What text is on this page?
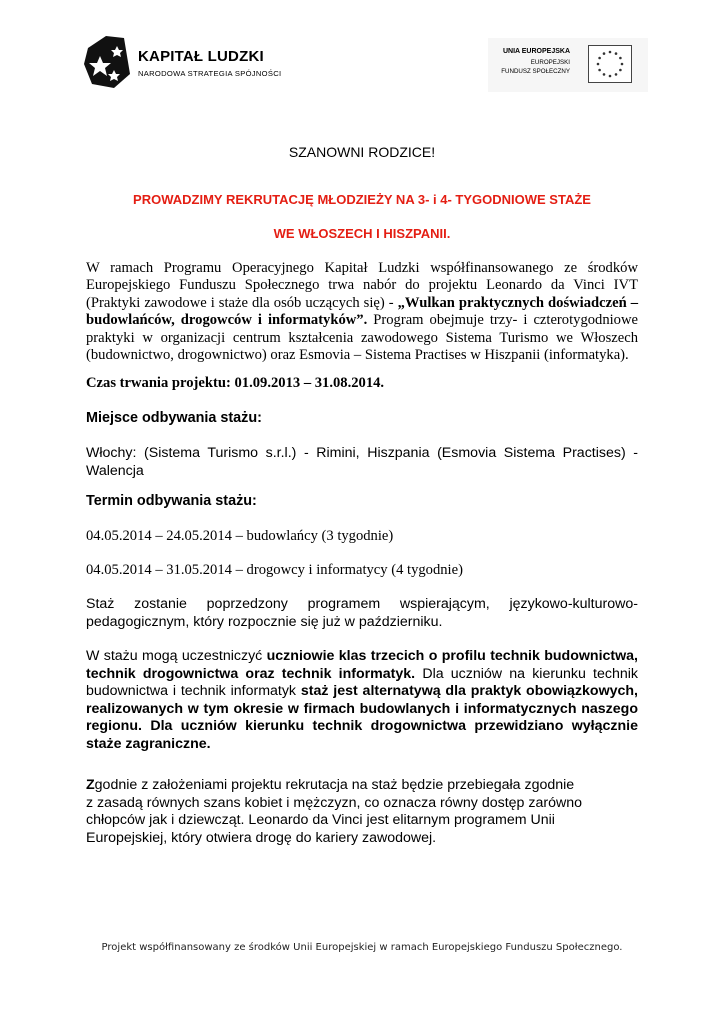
KAPITAŁ LUDZKI
NARODOWA STRATEGIA SPÓJNOŚCI
UNIA EUROPEJSKA
EUROPEJSKI
FUNDUSZ SPOŁECZNY
SZANOWNI RODZICE!
PROWADZIMY REKRUTACJĘ MŁODZIEŻY NA 3- i 4- TYGODNIOWE STAŻE
WE WŁOSZECH I HISZPANII.
W ramach Programu Operacyjnego Kapitał Ludzki współfinansowanego ze środków Europejskiego Funduszu Społecznego trwa nabór do projektu Leonardo da Vinci IVT (Praktyki zawodowe i staże dla osób uczących się) - „Wulkan praktycznych doświadczeń – budowlańców, drogowców i informatyków”. Program obejmuje trzy- i czterotygodniowe praktyki w organizacji centrum kształcenia zawodowego Sistema Turismo we Włoszech (budownictwo, drogownictwo) oraz Esmovia – Sistema Practises w Hiszpanii (informatyka).
Czas trwania projektu: 01.09.2013 – 31.08.2014.
Miejsce odbywania stażu:
Włochy: (Sistema Turismo s.r.l.) - Rimini, Hiszpania (Esmovia Sistema Practises) - Walencja
Termin odbywania stażu:
04.05.2014 – 24.05.2014 – budowlańcy (3 tygodnie)
04.05.2014 – 31.05.2014 – drogowcy i informatycy (4 tygodnie)
Staż zostanie poprzedzony programem wspierającym, językowo-kulturowo-pedagogicznym, który rozpocznie się już w październiku.
W stażu mogą uczestniczyć uczniowie klas trzecich o profilu technik budownictwa, technik drogownictwa oraz technik informatyk. Dla uczniów na kierunku technik budownictwa i technik informatyk staż jest alternatywą dla praktyk obowiązkowych, realizowanych w tym okresie w firmach budowlanych i informatycznych naszego regionu. Dla uczniów kierunku technik drogownictwa przewidziano wyłącznie staże zagraniczne.
Zgodnie z założeniami projektu rekrutacja na staż będzie przebiegała zgodnie
z zasadą równych szans kobiet i mężczyzn, co oznacza równy dostęp zarówno
chłopców jak i dziewcząt. Leonardo da Vinci jest elitarnym programem Unii
Europejskiej, który otwiera drogę do kariery zawodowej.
Projekt współfinansowany ze środków Unii Europejskiej w ramach Europejskiego Funduszu Społecznego.
